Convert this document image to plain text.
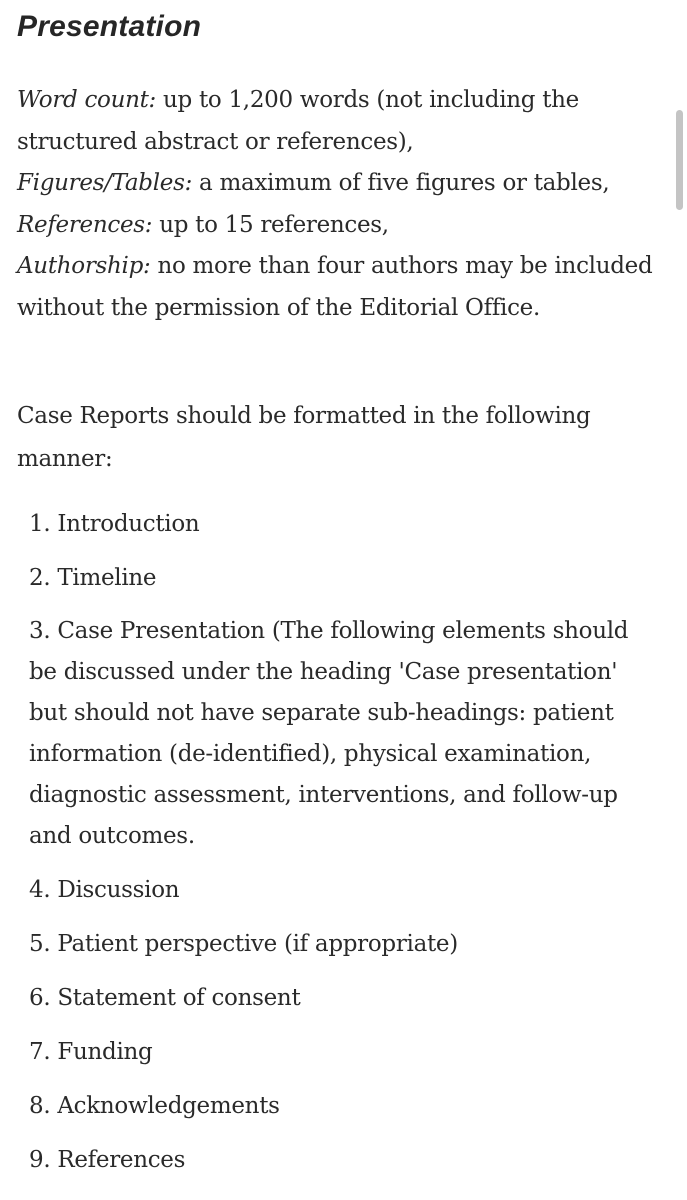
Presentation

Word count: up to 1,200 words (not including the structured abstract or references),
Figures/Tables: a maximum of five figures or tables,
References: up to 15 references,
Authorship: no more than four authors may be included without the permission of the Editorial Office.

Case Reports should be formatted in the following manner:

1. Introduction
2. Timeline
3. Case Presentation (The following elements should be discussed under the heading 'Case presentation' but should not have separate sub-headings: patient information (de-identified), physical examination, diagnostic assessment, interventions, and follow-up and outcomes.
4. Discussion
5. Patient perspective (if appropriate)
6. Statement of consent
7. Funding
8. Acknowledgements
9. References
